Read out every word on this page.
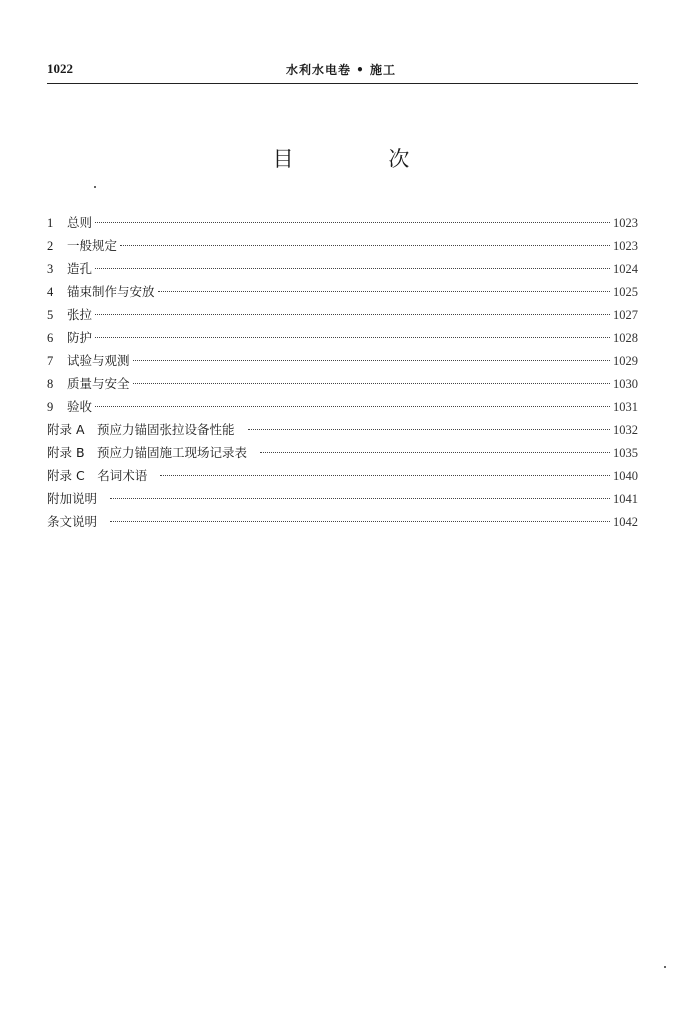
1022	水利水电卷 • 施工
目 次
1	总则	1023
2	一般规定	1023
3	造孔	1024
4	锚束制作与安放	1025
5	张拉	1027
6	防护	1028
7	试验与观测	1029
8	质量与安全	1030
9	验收	1031
附录 A　预应力锚固张拉设备性能	1032
附录 B　预应力锚固施工现场记录表	1035
附录 C　名词术语	1040
附加说明	1041
条文说明	1042
